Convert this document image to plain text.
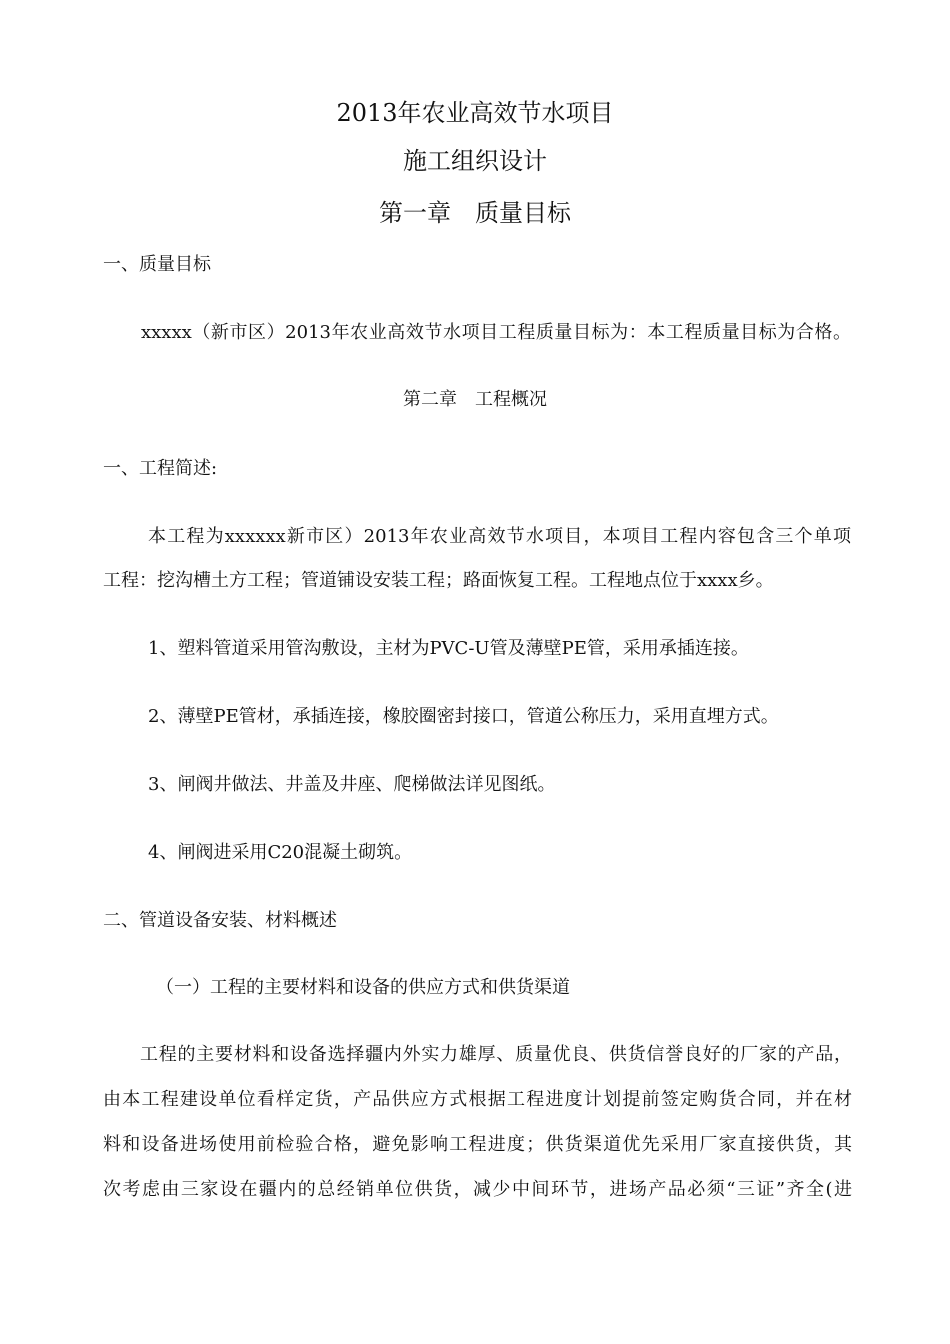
2013年农业高效节水项目
施工组织设计
第一章　质量目标
一、质量目标
xxxxx（新市区）2013年农业高效节水项目工程质量目标为：本工程质量目标为合格。
第二章　工程概况
一、工程简述:
本工程为xxxxxx新市区）2013年农业高效节水项目，本项目工程内容包含三个单项
工程：挖沟槽土方工程；管道铺设安装工程；路面恢复工程。工程地点位于xxxx乡。
1、塑料管道采用管沟敷设，主材为PVC-U管及薄壁PE管，采用承插连接。
2、薄壁PE管材，承插连接，橡胶圈密封接口，管道公称压力，采用直埋方式。
3、闸阀井做法、井盖及井座、爬梯做法详见图纸。
4、闸阀进采用C20混凝土砌筑。
二、管道设备安装、材料概述
（一）工程的主要材料和设备的供应方式和供货渠道
工程的主要材料和设备选择疆内外实力雄厚、质量优良、供货信誉良好的厂家的产品，
由本工程建设单位看样定货，产品供应方式根据工程进度计划提前签定购货合同，并在材
料和设备进场使用前检验合格，避免影响工程进度；供货渠道优先采用厂家直接供货，其
次考虑由三家设在疆内的总经销单位供货，减少中间环节，进场产品必须“三证”齐全(进
